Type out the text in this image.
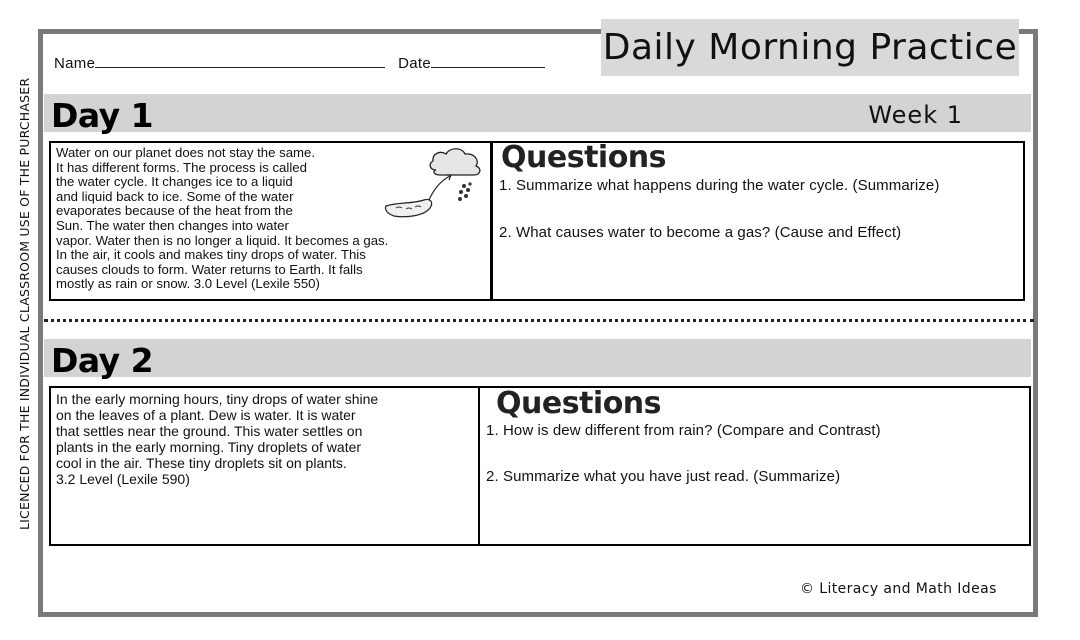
LICENCED FOR THE INDIVIDUAL CLASSROOM USE OF THE PURCHASER
Daily Morning Practice
Name	Date
Day 1	Week 1

Water on our planet does not stay the same.

It has different forms. The process is called

the water cycle. It changes ice to a liquid

and liquid back to ice. Some of the water

evaporates because of the heat from the

Sun. The water then changes into water

vapor. Water then is no longer a liquid. It becomes a gas.

In the air, it cools and makes tiny drops of water. This

causes clouds to form. Water returns to Earth. It falls

mostly as rain or snow. 3.0 Level (Lexile 550)

Questions
1. Summarize what happens during the water cycle. (Summarize)
2. What causes water to become a gas? (Cause and Effect)
Day 2

In the early morning hours, tiny drops of water shine

on the leaves of a plant. Dew is water. It is water

that settles near the ground. This water settles on

plants in the early morning. Tiny droplets of water

cool in the air. These tiny droplets sit on plants.

3.2 Level (Lexile 590)

Questions
1. How is dew different from rain? (Compare and Contrast)
2. Summarize what you have just read. (Summarize)
© Literacy and Math Ideas
